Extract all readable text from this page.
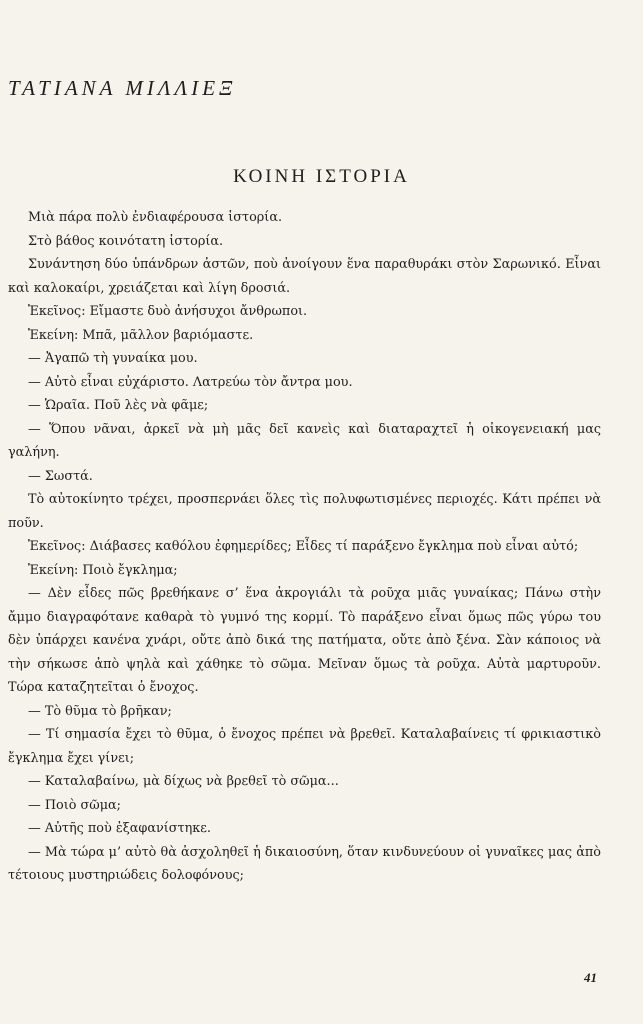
ΤΑΤΙΑΝΑ ΜΙΛΛΙΕΞ
ΚΟΙΝΗ ΙΣΤΟΡΙΑ

Μιὰ πάρα πολὺ ἐνδιαφέρουσα ἱστορία.

Στὸ βάθος κοινότατη ἱστορία.

Συνάντηση δύο ὑπάνδρων ἀστῶν, ποὺ ἀνοίγουν ἕνα παραθυράκι στὸν Σαρωνικό. Εἶναι καὶ καλοκαίρι, χρειάζεται καὶ λίγη δροσιά.

Ἐκεῖνος: Εἴμαστε δυὸ ἀνήσυχοι ἄνθρωποι.

Ἐκείνη: Μπᾶ, μᾶλλον βαριόμαστε.

— Ἀγαπῶ τὴ γυναίκα μου.

— Αὐτὸ εἶναι εὐχάριστο. Λατρεύω τὸν ἄντρα μου.

— Ὡραῖα. Ποῦ λὲς νὰ φᾶμε;

— Ὅπου νᾶναι, ἀρκεῖ νὰ μὴ μᾶς δεῖ κανεὶς καὶ διαταραχτεῖ ἡ οἰκογενειακή μας γαλήνη.

— Σωστά.

Τὸ αὐτοκίνητο τρέχει, προσπερνάει ὅλες τὶς πολυφωτισμένες περιοχές. Κάτι πρέπει νὰ ποῦν.

Ἐκεῖνος: Διάβασες καθόλου ἐφημερίδες; Εἶδες τί παράξενο ἔγκλημα ποὺ εἶναι αὐτό;

Ἐκείνη: Ποιὸ ἔγκλημα;

— Δὲν εἶδες πῶς βρεθήκανε σ’ ἕνα ἀκρογιάλι τὰ ροῦχα μιᾶς γυναίκας; Πάνω στὴν ἄμμο διαγραφότανε καθαρὰ τὸ γυμνό της κορμί. Τὸ παράξενο εἶναι ὅμως πῶς γύρω του δὲν ὑπάρχει κανένα χνάρι, οὔτε ἀπὸ δικά της πατήματα, οὔτε ἀπὸ ξένα. Σὰν κάποιος νὰ τὴν σήκωσε ἀπὸ ψηλὰ καὶ χάθηκε τὸ σῶμα. Μεῖναν ὅμως τὰ ροῦχα. Αὐτὰ μαρτυροῦν. Τώρα καταζητεῖται ὁ ἔνοχος.

— Τὸ θῦμα τὸ βρῆκαν;

— Τί σημασία ἔχει τὸ θῦμα, ὁ ἔνοχος πρέπει νὰ βρεθεῖ. Καταλαβαίνεις τί φρικιαστικὸ ἔγκλημα ἔχει γίνει;

— Καταλαβαίνω, μὰ δίχως νὰ βρεθεῖ τὸ σῶμα...

— Ποιὸ σῶμα;

— Αὐτῆς ποὺ ἐξαφανίστηκε.

— Μὰ τώρα μ’ αὐτὸ θὰ ἀσχοληθεῖ ἡ δικαιοσύνη, ὅταν κινδυνεύουν οἱ γυναῖκες μας ἀπὸ τέτοιους μυστηριώδεις δολοφόνους;

41
